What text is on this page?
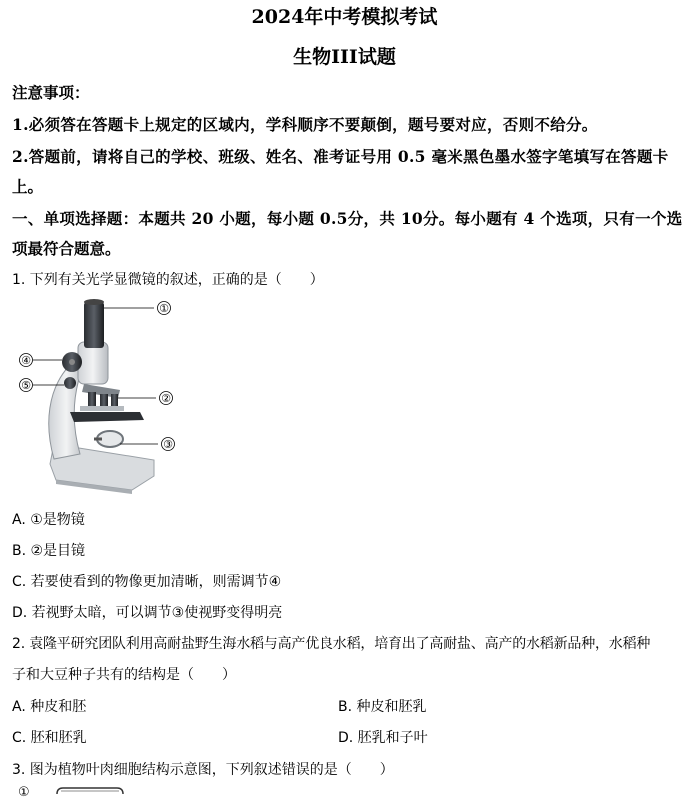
2024年中考模拟考试
生物III试题
注意事项：
1.必须答在答题卡上规定的区域内，学科顺序不要颠倒，题号要对应，否则不给分。
2.答题前，请将自己的学校、班级、姓名、准考证号用 0.5 毫米黑色墨水签字笔填写在答题卡
上。
一、单项选择题：本题共 20 小题，每小题 0.5分，共 10分。每小题有 4 个选项，只有一个选
项最符合题意。
1. 下列有关光学显微镜的叙述，正确的是（　　）
①
②
③
④
⑤
A. ①是物镜
B. ②是目镜
C. 若要使看到的物像更加清晰，则需调节④
D. 若视野太暗，可以调节③使视野变得明亮
2. 袁隆平研究团队利用高耐盐野生海水稻与高产优良水稻，培育出了高耐盐、高产的水稻新品种，水稻种
子和大豆种子共有的结构是（　　）
A. 种皮和胚	B. 种皮和胚乳
C. 胚和胚乳	D. 胚乳和子叶
3. 图为植物叶肉细胞结构示意图，下列叙述错误的是（　　）
①
